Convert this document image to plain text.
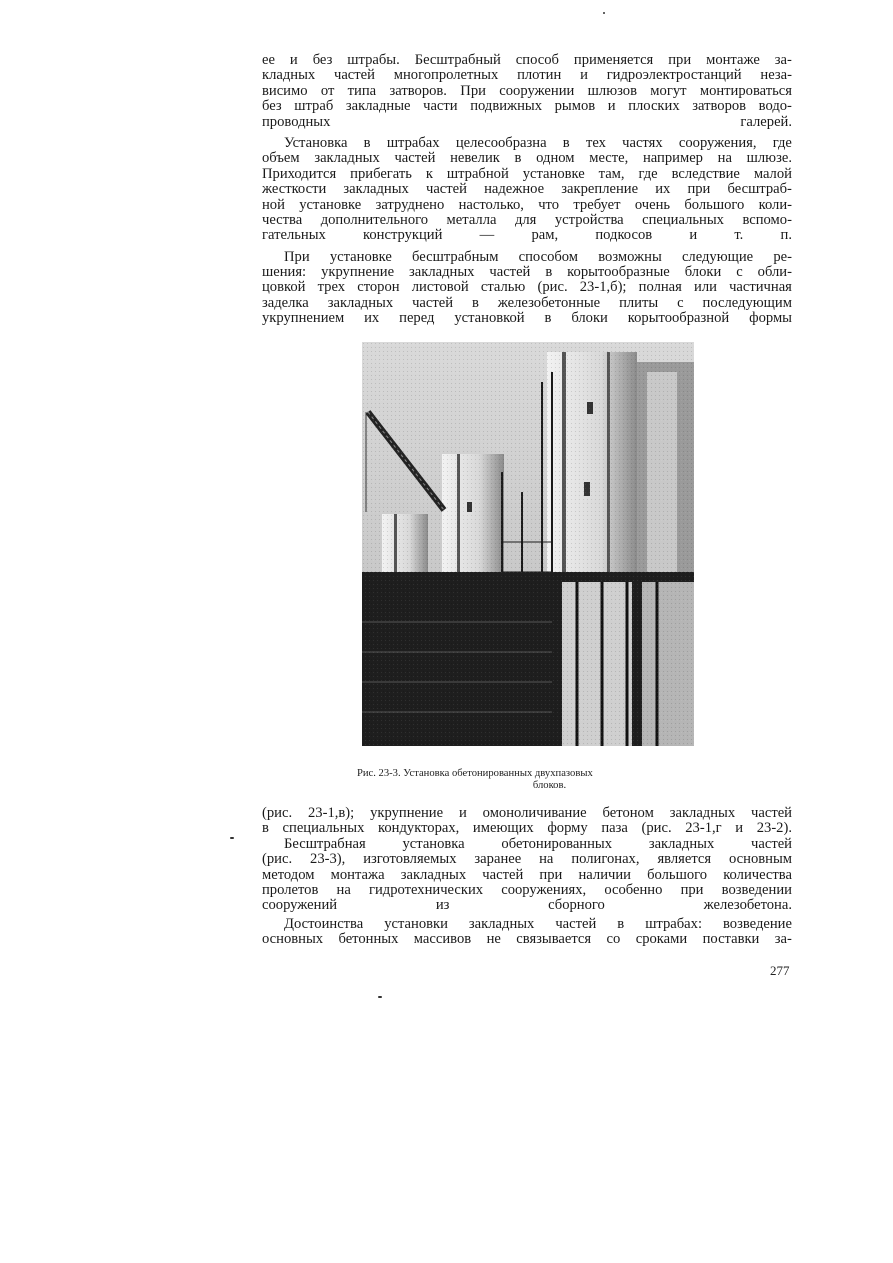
ее и без штрабы. Бесштрабный способ применяется при монтаже за-
кладных частей многопролетных плотин и гидроэлектростанций неза-
висимо от типа затворов. При сооружении шлюзов могут монтироваться
без штраб закладные части подвижных рымов и плоских затворов водо-
проводных галерей.

Установка в штрабах целесообразна в тех частях сооружения, где
объем закладных частей невелик в одном месте, например на шлюзе.
Приходится прибегать к штрабной установке там, где вследствие малой
жесткости закладных частей надежное закрепление их при бесштраб-
ной установке затруднено настолько, что требует очень большого коли-
чества дополнительного металла для устройства специальных вспомо-
гательных конструкций — рам, подкосов и т. п.

При установке бесштрабным способом возможны следующие ре-
шения: укрупнение закладных частей в корытообразные блоки с обли-
цовкой трех сторон листовой сталью (рис. 23-1,б); полная или частичная
заделка закладных частей в железобетонные плиты с последующим
укрупнением их перед установкой в блоки корытообразной формы

Рис. 23-3. Установка обетонированных двухпазовых
блоков.

(рис. 23-1,в); укрупнение и омоноличивание бетоном закладных частей
в специальных кондукторах, имеющих форму паза (рис. 23-1,г и 23-2).

Бесштрабная	установка	обетонированных	закладных	частей
(рис. 23-3), изготовляемых заранее на полигонах, является основным
методом монтажа закладных частей при наличии большого количества
пролетов на гидротехнических сооружениях, особенно при возведении
сооружений из сборного железобетона.

Достоинства установки закладных частей в штрабах: возведение
основных бетонных массивов не связывается со сроками поставки за-

277
